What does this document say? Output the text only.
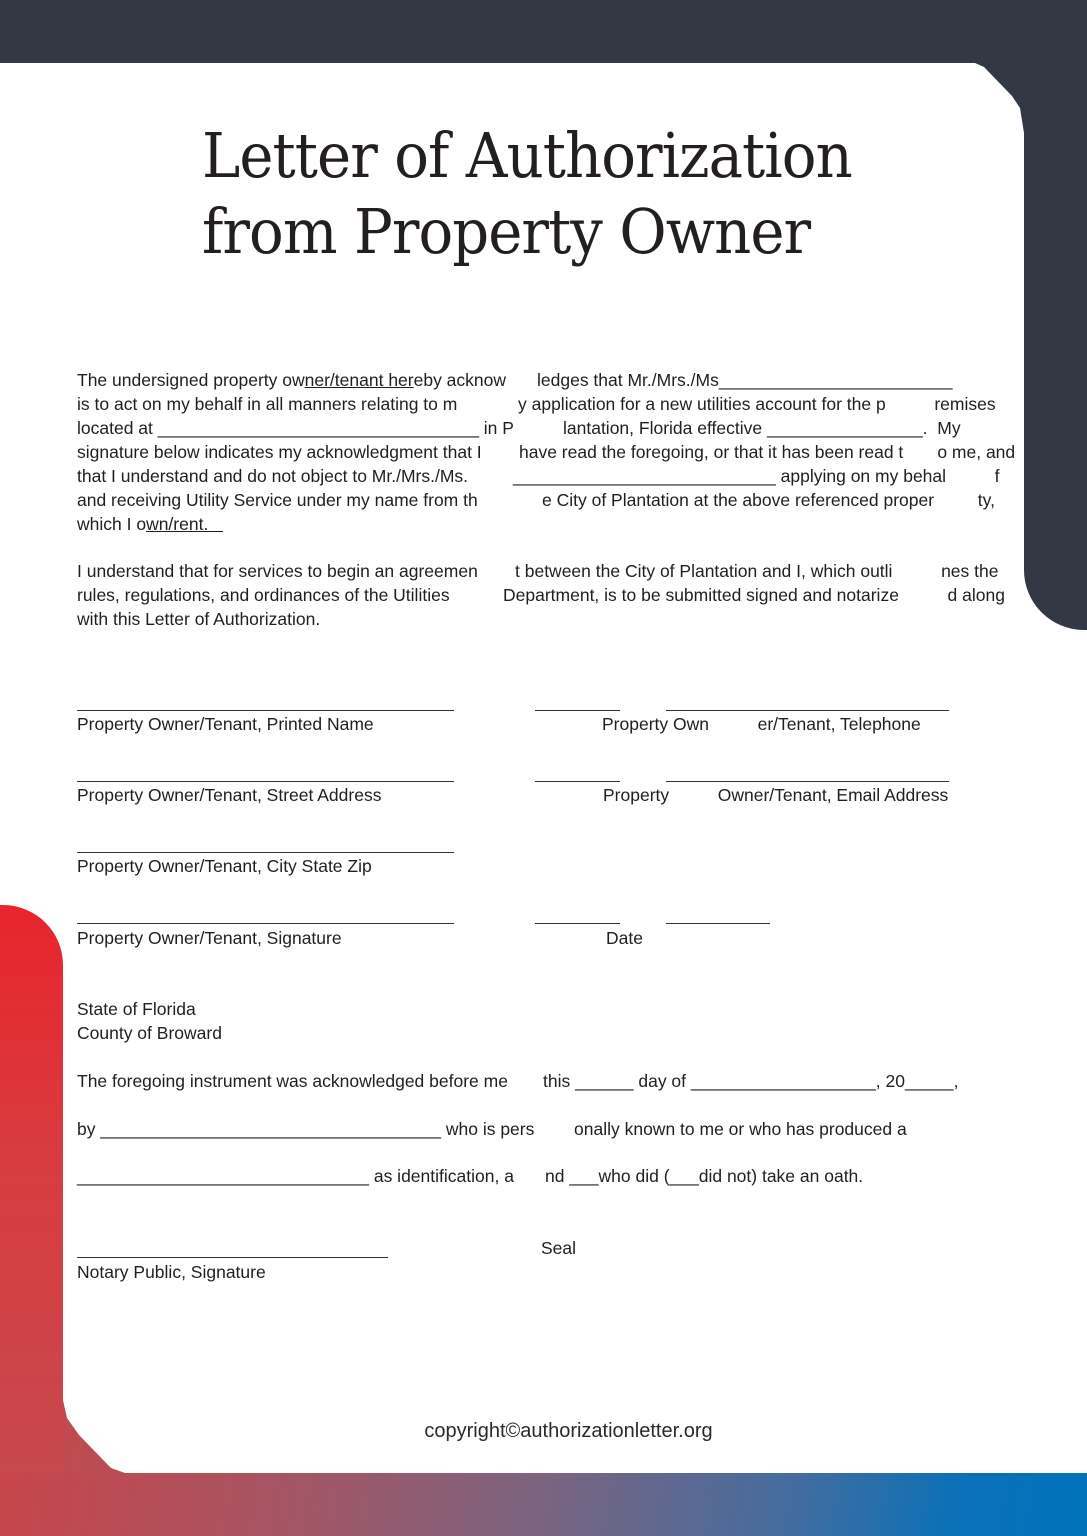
Letter of Authorization
from Property Owner
The undersigned property owner/tenant hereby acknow ledges that Mr./Mrs./Ms________________________
is to act on my behalf in all manners relating to m	y application for a new utilities account for the p          remises
located at _________________________________ in P	lantation, Florida effective ________________.  My
signature below indicates my acknowledgment that I have read the foregoing, or that it has been read t       o me, and
that I understand and do not object to Mr./Mrs./Ms.	___________________________ applying on my behal          f
and receiving Utility Service under my name from th	e City of Plantation at the above referenced proper         ty,
which I own/rent.
I understand that for services to begin an agreemen t between the City of Plantation and I, which outli          nes the
rules, regulations, and ordinances of the Utilities	Department, is to be submitted signed and notarize          d along
with this Letter of Authorization.
Property Owner/Tenant, Printed Name	Property Own          er/Tenant, Telephone
Property Owner/Tenant, Street Address	Property          Owner/Tenant, Email Address
Property Owner/Tenant, City State Zip
Property Owner/Tenant, Signature	Date
State of Florida
County of Broward
The foregoing instrument was acknowledged before me this ______ day of ___________________, 20_____,
by ___________________________________ who is pers onally known to me or who has produced a
______________________________ as identification, a nd ___who did (___did not) take an oath.
Seal
Notary Public, Signature
copyright©authorizationletter.org
